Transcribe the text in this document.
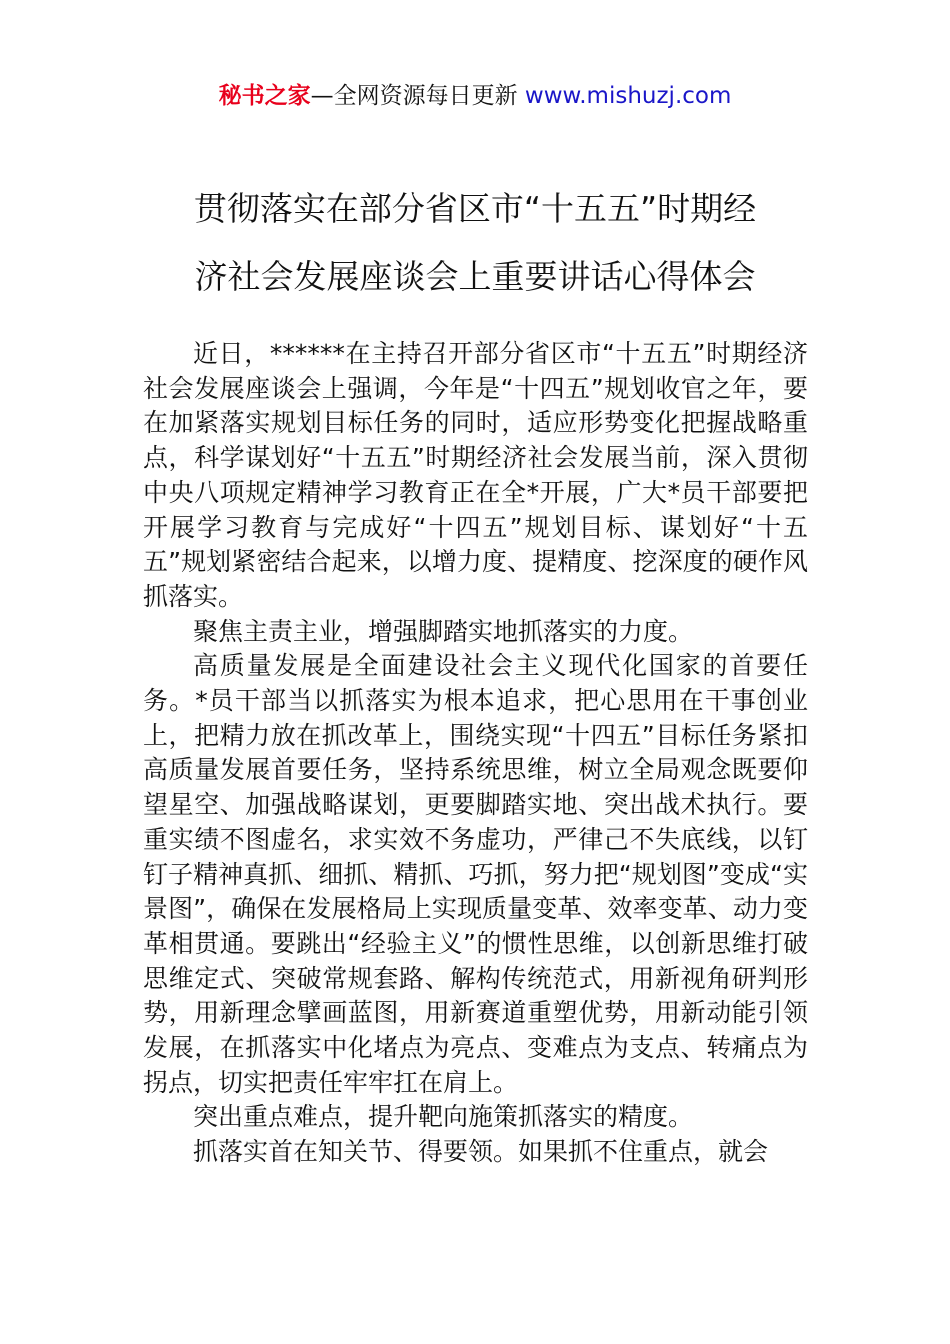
秘书之家—全网资源每日更新 www.mishuzj.com
贯彻落实在部分省区市“十五五”时期经
济社会发展座谈会上重要讲话心得体会

近日，******在主持召开部分省区市“十五五”时期经济社会发展座谈会上强调，今年是“十四五”规划收官之年，要在加紧落实规划目标任务的同时，适应形势变化把握战略重点，科学谋划好“十五五”时期经济社会发展当前，深入贯彻中央八项规定精神学习教育正在全*开展，广大*员干部要把开展学习教育与完成好“十四五”规划目标、谋划好“十五五”规划紧密结合起来，以增力度、提精度、挖深度的硬作风抓落实。

聚焦主责主业，增强脚踏实地抓落实的力度。

高质量发展是全面建设社会主义现代化国家的首要任务。*员干部当以抓落实为根本追求，把心思用在干事创业上，把精力放在抓改革上，围绕实现“十四五”目标任务紧扣高质量发展首要任务，坚持系统思维，树立全局观念既要仰望星空、加强战略谋划，更要脚踏实地、突出战术执行。要重实绩不图虚名，求实效不务虚功，严律己不失底线，以钉钉子精神真抓、细抓、精抓、巧抓，努力把“规划图”变成“实景图”，确保在发展格局上实现质量变革、效率变革、动力变革相贯通。要跳出“经验主义”的惯性思维，以创新思维打破思维定式、突破常规套路、解构传统范式，用新视角研判形势，用新理念擘画蓝图，用新赛道重塑优势，用新动能引领发展，在抓落实中化堵点为亮点、变难点为支点、转痛点为拐点，切实把责任牢牢扛在肩上。

突出重点难点，提升靶向施策抓落实的精度。

抓落实首在知关节、得要领。如果抓不住重点，就会
